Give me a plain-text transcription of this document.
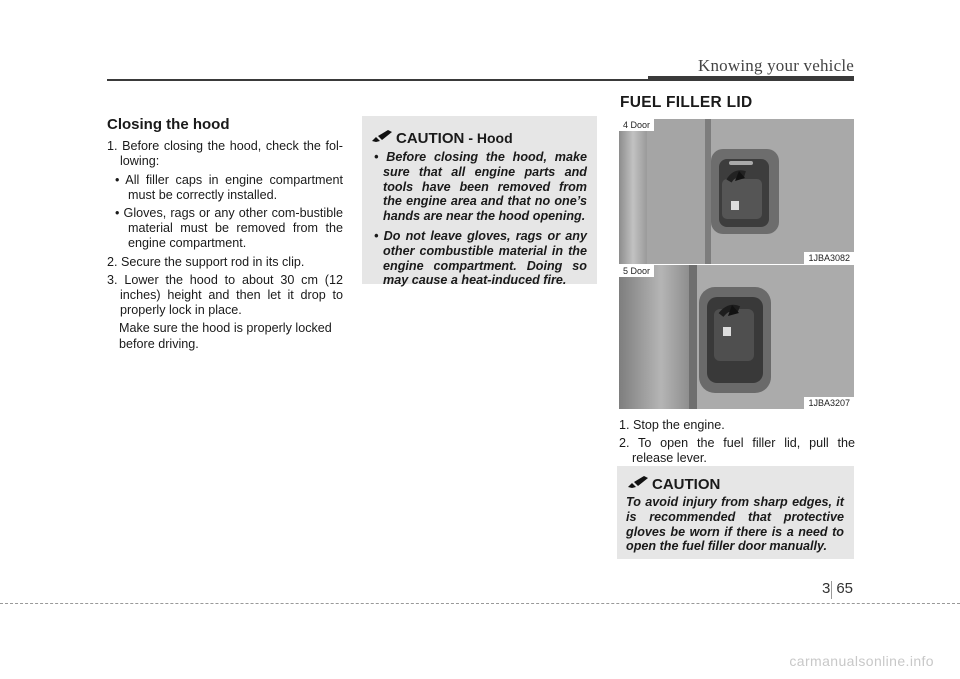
Knowing your vehicle
Closing the hood

1. Before closing the hood, check the fol-lowing:

• All filler caps in engine compartment must be correctly installed.

• Gloves, rags or any other com-bustible material must be removed from the engine compartment.

2. Secure the support rod in its clip.

3. Lower the hood to about 30 cm (12 inches) height and then let it drop to properly lock in place.

Make sure the hood is properly locked before driving.

CAUTION - Hood

• Before closing the hood, make sure that all engine parts and tools have been removed from the engine area and that no one’s hands are near the hood opening.

• Do not leave gloves, rags or any other combustible material in the engine compartment. Doing so may cause a heat-induced fire.

FUEL FILLER LID
4 Door
1JBA3082
5 Door
1JBA3207

1. Stop the engine.

2. To open the fuel filler lid, pull the release lever.

CAUTION
To avoid injury from sharp edges, it is recommended that protective gloves be worn if there is a need to open the fuel filler door manually.
3 65
carmanualsonline.info
